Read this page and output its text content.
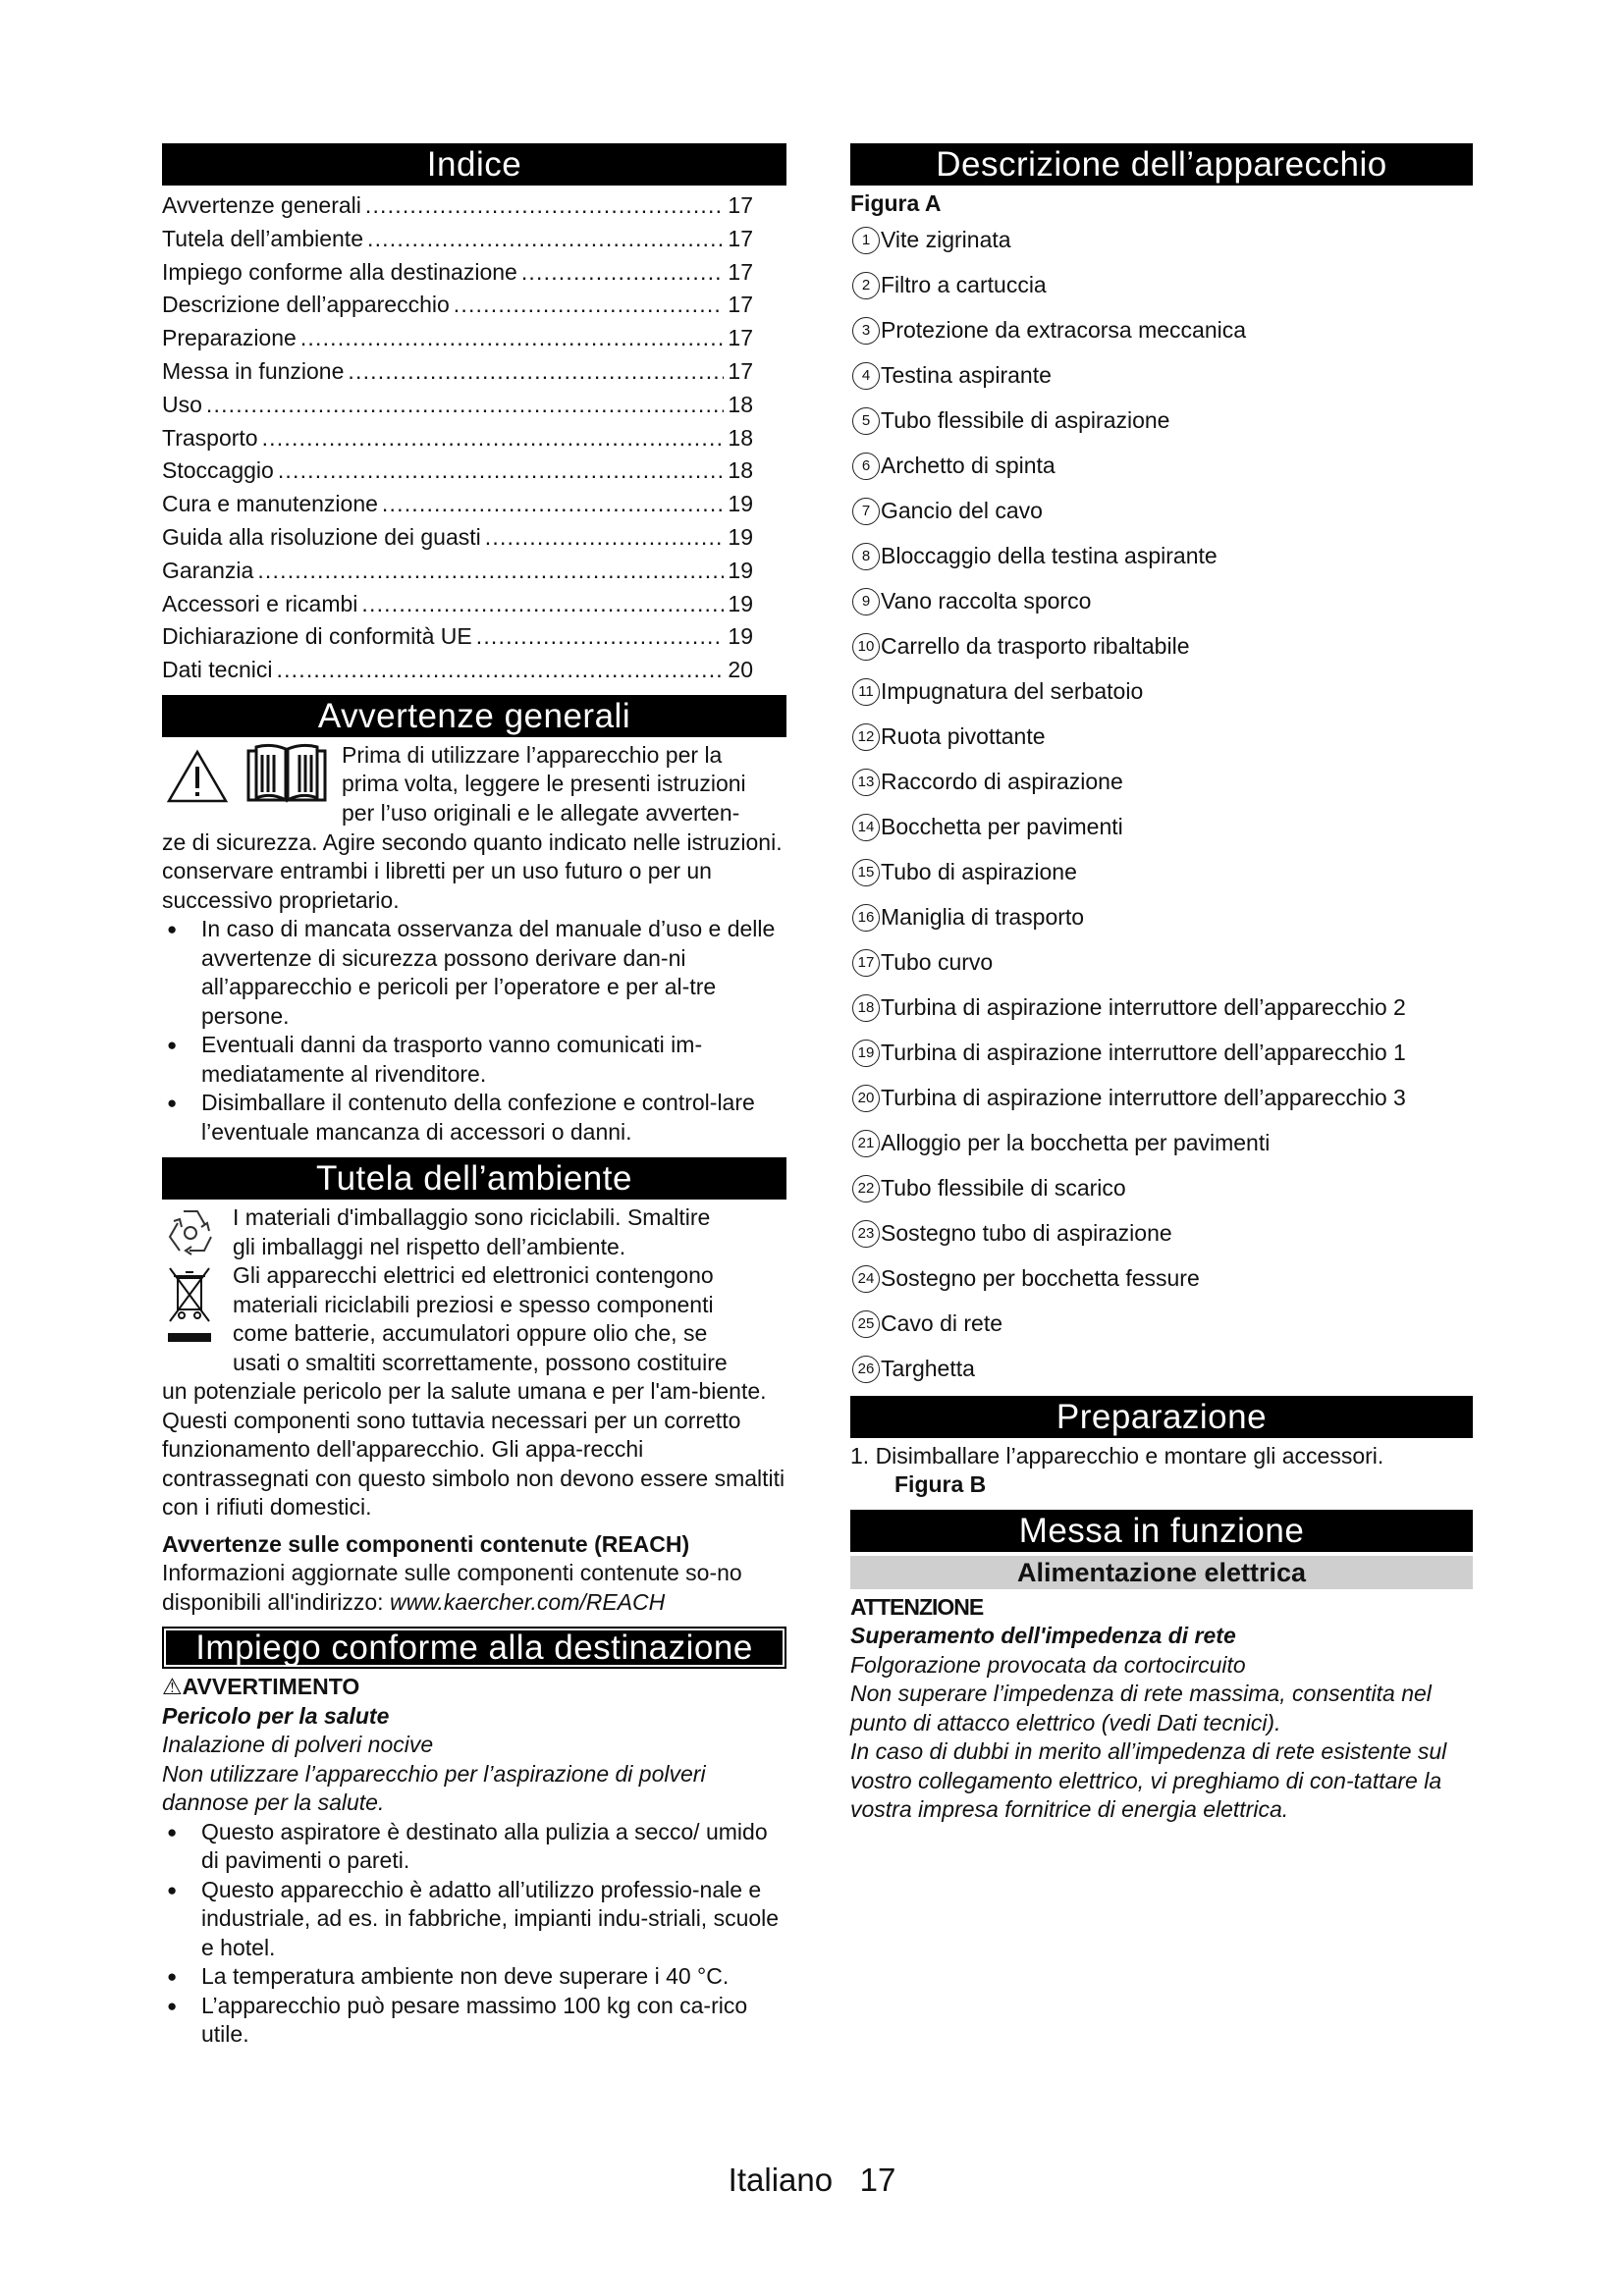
Indice
Avvertenze generali .....	17
Tutela dell’ambiente .....	17
Impiego conforme alla destinazione .....	17
Descrizione dell’apparecchio .....	17
Preparazione .....	17
Messa in funzione .....	17
Uso .....	18
Trasporto .....	18
Stoccaggio .....	18
Cura e manutenzione .....	19
Guida alla risoluzione dei guasti .....	19
Garanzia .....	19
Accessori e ricambi .....	19
Dichiarazione di conformità UE .....	19
Dati tecnici .....	20
Avvertenze generali
Prima di utilizzare l’apparecchio per la
prima volta, leggere le presenti istruzioni
per l’uso originali e le allegate avverten-

ze di sicurezza. Agire secondo quanto indicato nelle istruzioni.

conservare entrambi i libretti per un uso futuro o per un successivo proprietario.

● In caso di mancata osservanza del manuale d’uso e delle avvertenze di sicurezza possono derivare dan-ni all’apparecchio e pericoli per l’operatore e per al-tre persone.
● Eventuali danni da trasporto vanno comunicati im-mediatamente al rivenditore.
● Disimballare il contenuto della confezione e control-lare l’eventuale mancanza di accessori o danni.
Tutela dell’ambiente
I materiali d'imballaggio sono riciclabili. Smaltire
gli imballaggi nel rispetto dell’ambiente.
Gli apparecchi elettrici ed elettronici contengono
materiali riciclabili preziosi e spesso componenti
come batterie, accumulatori oppure olio che, se
usati o smaltiti scorrettamente, possono costituire

un potenziale pericolo per la salute umana e per l'am-biente. Questi componenti sono tuttavia necessari per un corretto funzionamento dell'apparecchio. Gli appa-recchi contrassegnati con questo simbolo non devono essere smaltiti con i rifiuti domestici.

Avvertenze sulle componenti contenute (REACH)

Informazioni aggiornate sulle componenti contenute so-no disponibili all'indirizzo: www.kaercher.com/REACH

Impiego conforme alla destinazione

⚠AVVERTIMENTO

Pericolo per la salute

Inalazione di polveri nocive

Non utilizzare l’apparecchio per l’aspirazione di polveri dannose per la salute.

● Questo aspiratore è destinato alla pulizia a secco/ umido di pavimenti o pareti.
● Questo apparecchio è adatto all’utilizzo professio-nale e industriale, ad es. in fabbriche, impianti indu-striali, scuole e hotel.
● La temperatura ambiente non deve superare i 40 °C.
● L’apparecchio può pesare massimo 100 kg con ca-rico utile.
Descrizione dell’apparecchio

Figura A

1 Vite zigrinata
2 Filtro a cartuccia
3 Protezione da extracorsa meccanica
4 Testina aspirante
5 Tubo flessibile di aspirazione
6 Archetto di spinta
7 Gancio del cavo
8 Bloccaggio della testina aspirante
9 Vano raccolta sporco
10 Carrello da trasporto ribaltabile
11 Impugnatura del serbatoio
12 Ruota pivottante
13 Raccordo di aspirazione
14 Bocchetta per pavimenti
15 Tubo di aspirazione
16 Maniglia di trasporto
17 Tubo curvo
18 Turbina di aspirazione interruttore dell’apparecchio 2
19 Turbina di aspirazione interruttore dell’apparecchio 1
20 Turbina di aspirazione interruttore dell’apparecchio 3
21 Alloggio per la bocchetta per pavimenti
22 Tubo flessibile di scarico
23 Sostegno tubo di aspirazione
24 Sostegno per bocchetta fessure
25 Cavo di rete
26 Targhetta
Preparazione

1. Disimballare l’apparecchio e montare gli accessori.

Figura B

Messa in funzione
Alimentazione elettrica

ATTENZIONE

Superamento dell'impedenza di rete

Folgorazione provocata da cortocircuito

Non superare l’impedenza di rete massima, consentita nel punto di attacco elettrico (vedi Dati tecnici).

In caso di dubbi in merito all’impedenza di rete esistente sul vostro collegamento elettrico, vi preghiamo di con-tattare la vostra impresa fornitrice di energia elettrica.

Italiano 17
